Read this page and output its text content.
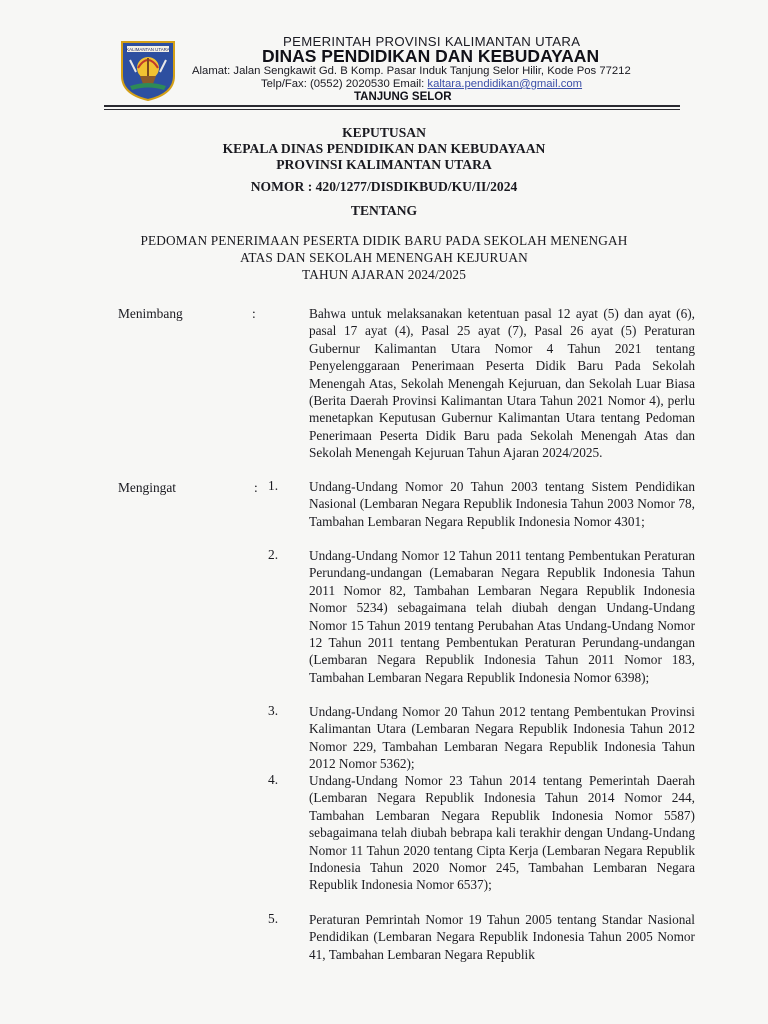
KALIMANTAN UTARA
PEMERINTAH PROVINSI KALIMANTAN UTARA
DINAS PENDIDIKAN DAN KEBUDAYAAN
Alamat: Jalan Sengkawit Gd. B Komp. Pasar Induk Tanjung Selor Hilir, Kode Pos 77212
Telp/Fax: (0552) 2020530 Email: kaltara.pendidikan@gmail.com
TANJUNG SELOR
KEPUTUSAN
KEPALA DINAS PENDIDIKAN DAN KEBUDAYAAN
PROVINSI KALIMANTAN UTARA
NOMOR : 420/1277/DISDIKBUD/KU/II/2024
TENTANG
PEDOMAN PENERIMAAN PESERTA DIDIK BARU PADA SEKOLAH MENENGAH
ATAS DAN SEKOLAH MENENGAH KEJURUAN
TAHUN AJARAN 2024/2025
Menimbang	:	Bahwa untuk melaksanakan ketentuan pasal 12 ayat (5) dan ayat (6), pasal 17 ayat (4), Pasal 25 ayat (7), Pasal 26 ayat (5) Peraturan Gubernur Kalimantan Utara Nomor 4 Tahun 2021 tentang Penyelenggaraan Penerimaan Peserta Didik Baru Pada Sekolah Menengah Atas, Sekolah Menengah Kejuruan, dan Sekolah Luar Biasa (Berita Daerah Provinsi Kalimantan Utara Tahun 2021 Nomor 4), perlu menetapkan Keputusan Gubernur Kalimantan Utara tentang Pedoman Penerimaan Peserta Didik Baru pada Sekolah Menengah Atas dan Sekolah Menengah Kejuruan Tahun Ajaran 2024/2025.
Mengingat	: 1. Undang-Undang Nomor 20 Tahun 2003 tentang Sistem Pendidikan Nasional (Lembaran Negara Republik Indonesia Tahun 2003 Nomor 78, Tambahan Lembaran Negara Republik Indonesia Nomor 4301;
2. Undang-Undang Nomor 12 Tahun 2011 tentang Pembentukan Peraturan Perundang-undangan (Lemabaran Negara Republik Indonesia Tahun 2011 Nomor 82, Tambahan Lembaran Negara Republik Indonesia Nomor 5234) sebagaimana telah diubah dengan Undang-Undang Nomor 15 Tahun 2019 tentang Perubahan Atas Undang-Undang Nomor 12 Tahun 2011 tentang Pembentukan Peraturan Perundang-undangan (Lembaran Negara Republik Indonesia Tahun 2011 Nomor 183, Tambahan Lembaran Negara Republik Indonesia Nomor 6398);
3. Undang-Undang Nomor 20 Tahun 2012 tentang Pembentukan Provinsi Kalimantan Utara (Lembaran Negara Republik Indonesia Tahun 2012 Nomor 229, Tambahan Lembaran Negara Republik Indonesia Tahun 2012 Nomor 5362);
4. Undang-Undang Nomor 23 Tahun 2014 tentang Pemerintah Daerah (Lembaran Negara Republik Indonesia Tahun 2014 Nomor 244, Tambahan Lembaran Negara Republik Indonesia Nomor 5587) sebagaimana telah diubah bebrapa kali terakhir dengan Undang-Undang Nomor 11 Tahun 2020 tentang Cipta Kerja (Lembaran Negara Republik Indonesia Tahun 2020 Nomor 245, Tambahan Lembaran Negara Republik Indonesia Nomor 6537);
5. Peraturan Pemrintah Nomor 19 Tahun 2005 tentang Standar Nasional Pendidikan (Lembaran Negara Republik Indonesia Tahun 2005 Nomor 41, Tambahan Lembaran Negara Republik
